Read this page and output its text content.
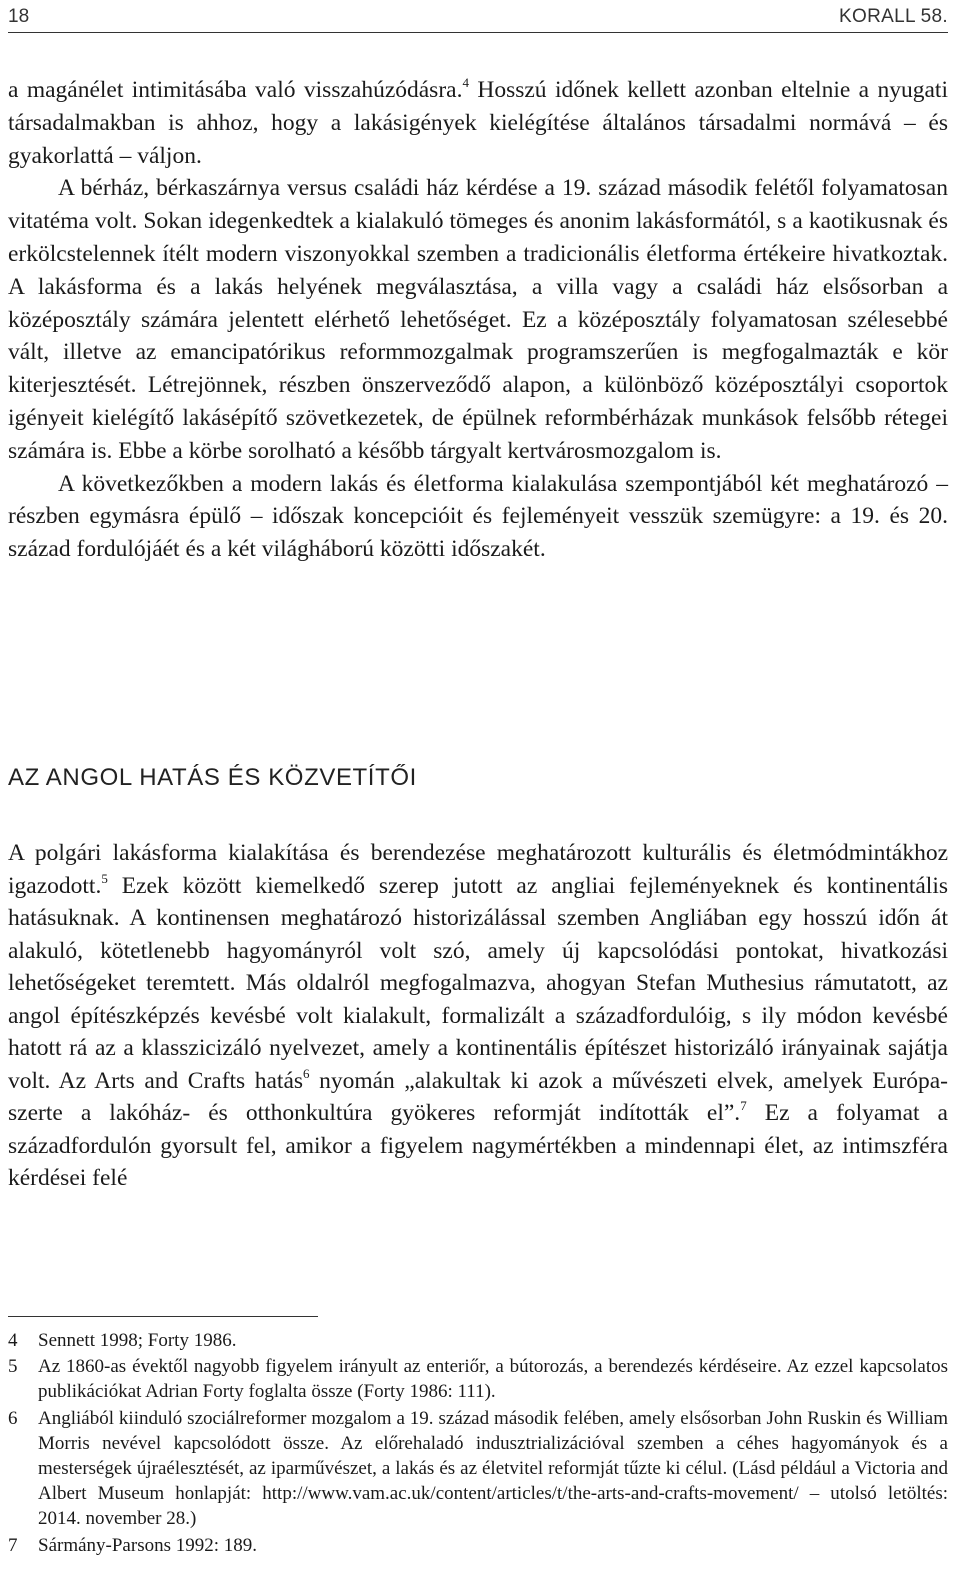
18	KORALL 58.

a magánélet intimitásába való visszahúzódásra.$^4$ Hosszú időnek kellett azonban eltelnie a nyugati társadalmakban is ahhoz, hogy a lakásigények kielégítése általános társadalmi normává – és gyakorlattá – váljon.

A bérház, bérkaszárnya versus családi ház kérdése a 19. század második felétől folyamatosan vitatéma volt. Sokan idegenkedtek a kialakuló tömeges és anonim lakásformától, s a kaotikusnak és erkölcstelennek ítélt modern viszonyokkal szemben a tradicionális életforma értékeire hivatkoztak. A lakásforma és a lakás helyének megválasztása, a villa vagy a családi ház elsősorban a középosztály számára jelentett elérhető lehetőséget. Ez a középosztály folyamatosan szélesebbé vált, illetve az emancipatórikus reformmozgalmak programszerűen is megfogalmazták e kör kiterjesztését. Létrejönnek, részben önszerveződő alapon, a különböző középosztályi csoportok igényeit kielégítő lakásépítő szövetkezetek, de épülnek reformbérházak munkások felsőbb rétegei számára is. Ebbe a körbe sorolható a később tárgyalt kertvárosmozgalom is.

A következőkben a modern lakás és életforma kialakulása szempontjából két meghatározó – részben egymásra épülő – időszak koncepcióit és fejleményeit vesszük szemügyre: a 19. és 20. század fordulójáét és a két világháború közötti időszakét.

AZ ANGOL HATÁS ÉS KÖZVETÍTŐI

A polgári lakásforma kialakítása és berendezése meghatározott kulturális és életmódmintákhoz igazodott.$^5$ Ezek között kiemelkedő szerep jutott az angliai fejleményeknek és kontinentális hatásuknak. A kontinensen meghatározó historizálással szemben Angliában egy hosszú időn át alakuló, kötetlenebb hagyományról volt szó, amely új kapcsolódási pontokat, hivatkozási lehetőségeket teremtett. Más oldalról megfogalmazva, ahogyan Stefan Muthesius rámutatott, az angol építészképzés kevésbé volt kialakult, formalizált a századfordulóig, s ily módon kevésbé hatott rá az a klasszicizáló nyelvezet, amely a kontinentális építészet historizáló irányainak sajátja volt. Az Arts and Crafts hatás$^6$ nyomán „alakultak ki azok a művészeti elvek, amelyek Európa-szerte a lakóház- és otthonkultúra gyökeres reformját indították el”.$^7$ Ez a folyamat a századfordulón gyorsult fel, amikor a figyelem nagymértékben a mindennapi élet, az intimszféra kérdései felé

4 Sennett 1998; Forty 1986.
5 Az 1860-as évektől nagyobb figyelem irányult az enteriőr, a bútorozás, a berendezés kérdéseire. Az ezzel kapcsolatos publikációkat Adrian Forty foglalta össze (Forty 1986: 111).
6 Angliából kiinduló szociálreformer mozgalom a 19. század második felében, amely elsősorban John Ruskin és William Morris nevével kapcsolódott össze. Az előrehaladó indusztrializációval szemben a céhes hagyományok és a mesterségek újraélesztését, az iparművészet, a lakás és az életvitel reformját tűzte ki célul. (Lásd például a Victoria and Albert Museum honlapját: http://www.vam.ac.uk/content/articles/t/the-arts-and-crafts-movement/ – utolsó letöltés: 2014. november 28.)
7 Sármány-Parsons 1992: 189.
